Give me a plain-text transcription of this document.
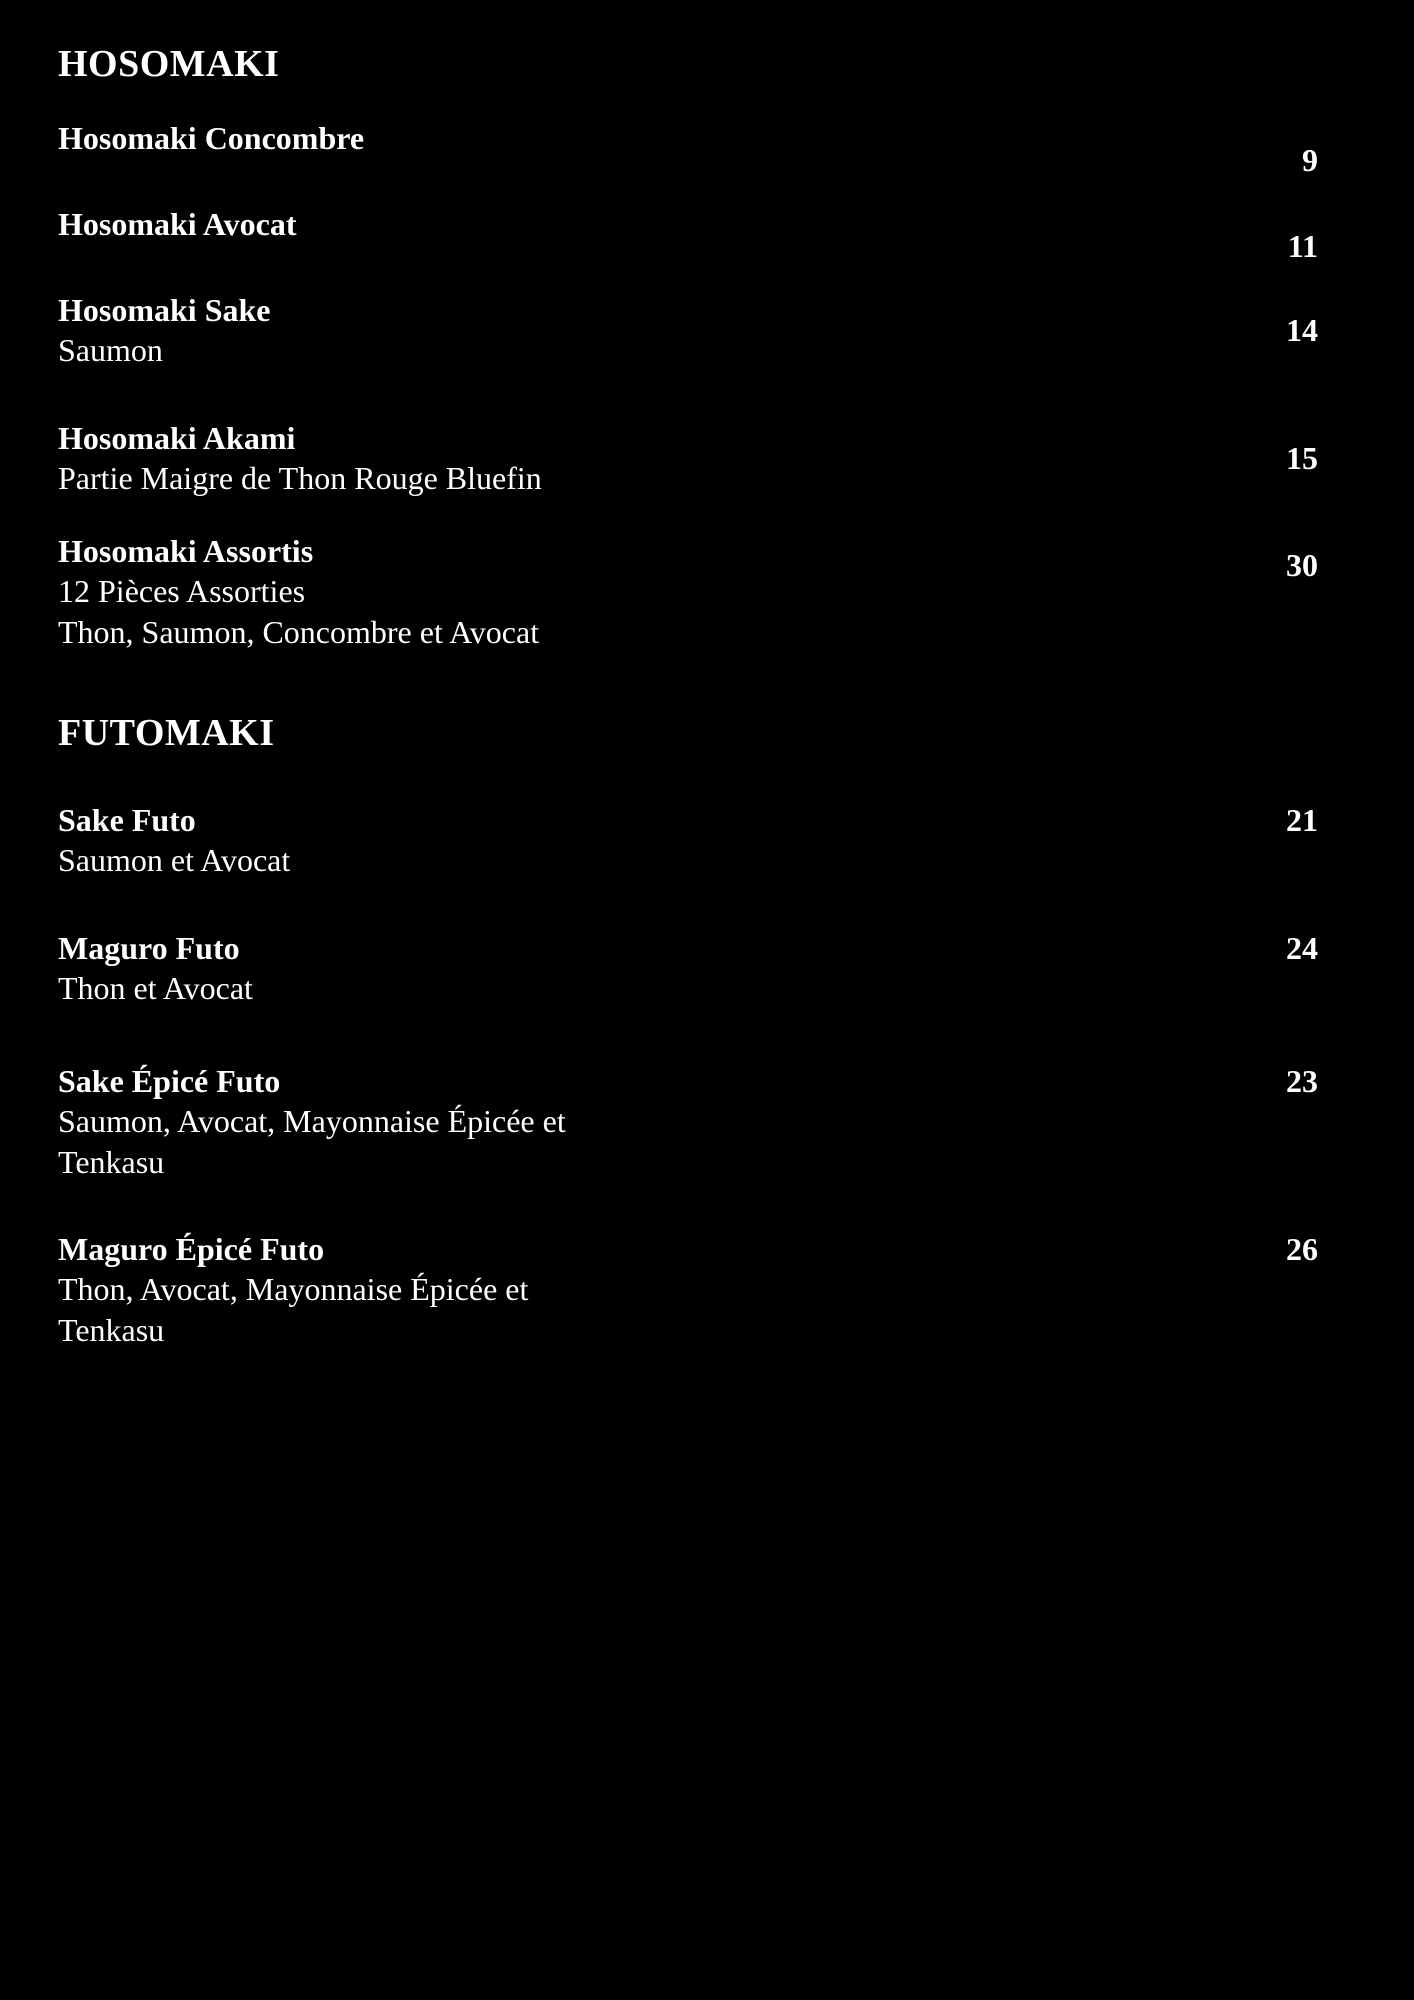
HOSOMAKI
Hosomaki Concombre
9
Hosomaki Avocat
11
Hosomaki Sake
Saumon
14
Hosomaki Akami
Partie Maigre de Thon Rouge Bluefin
15
Hosomaki Assortis
12 Pièces Assorties
Thon, Saumon, Concombre et Avocat
30
FUTOMAKI
Sake Futo
Saumon et Avocat
21
Maguro Futo
Thon et Avocat
24
Sake Épicé Futo
Saumon, Avocat, Mayonnaise Épicée et Tenkasu
23
Maguro Épicé Futo
Thon, Avocat, Mayonnaise Épicée et Tenkasu
26
